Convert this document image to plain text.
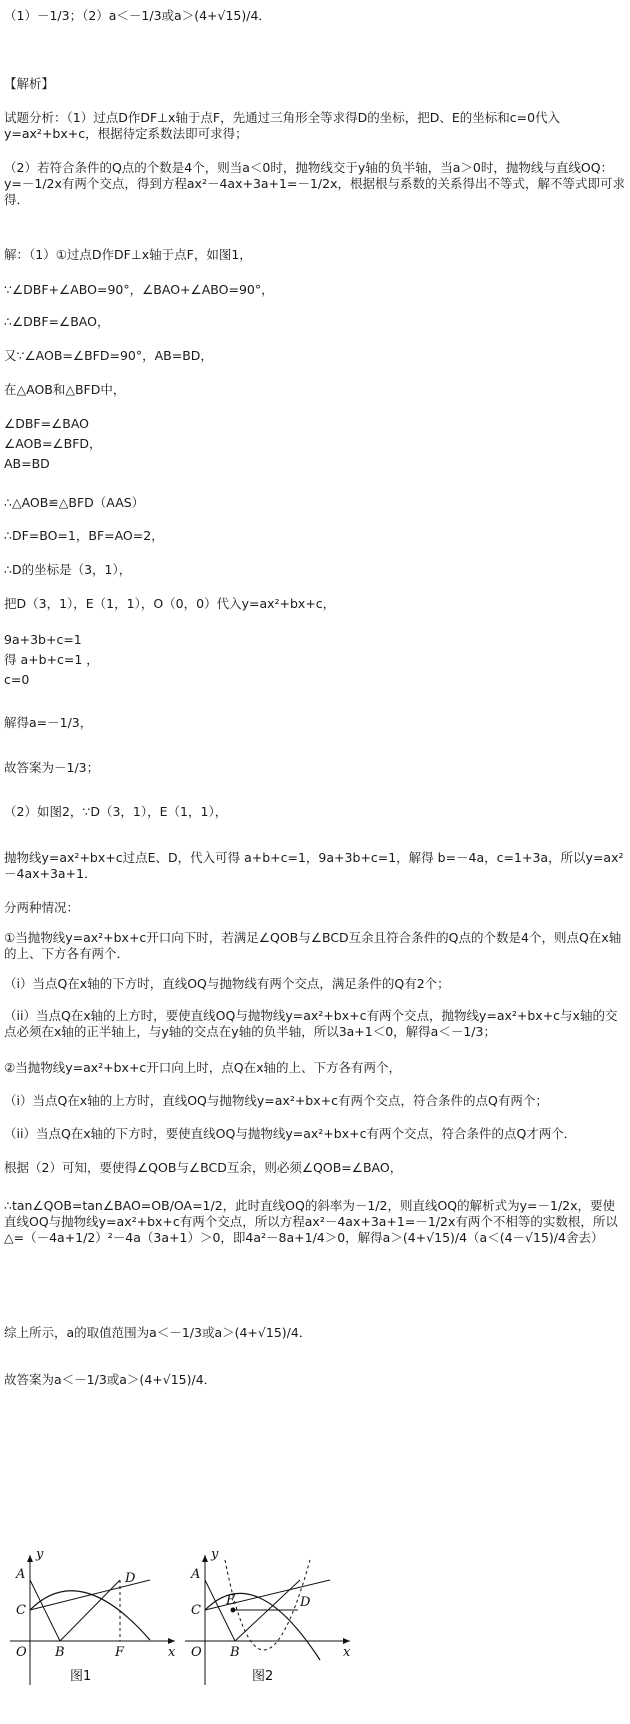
（1）－1/3；（2）a＜－1/3或a＞(4+√15)/4．
【解析】
试题分析：（1）过点D作DF⊥x轴于点F，先通过三角形全等求得D的坐标，把D、E的坐标和c=0代入y=ax²+bx+c，根据待定系数法即可求得；
（2）若符合条件的Q点的个数是4个，则当a＜0时，抛物线交于y轴的负半轴，当a＞0时，抛物线与直线OQ：y=－1/2x有两个交点，得到方程ax²－4ax+3a+1=－1/2x，根据根与系数的关系得出不等式，解不等式即可求得．
解：（1）①过点D作DF⊥x轴于点F，如图1，
∵∠DBF+∠ABO=90°，∠BAO+∠ABO=90°，
∴∠DBF=∠BAO，
又∵∠AOB=∠BFD=90°，AB=BD，
在△AOB和△BFD中，
∠DBF=∠BAO
∠AOB=∠BFD，
AB=BD
∴△AOB≌△BFD（AAS）
∴DF=BO=1，BF=AO=2，
∴D的坐标是（3，1），
把D（3，1），E（1，1），O（0，0）代入y=ax²+bx+c，
9a+3b+c=1
得 a+b+c=1 ，
c=0
解得a=－1/3，
故答案为－1/3；
（2）如图2，∵D（3，1），E（1，1），
抛物线y=ax²+bx+c过点E、D，代入可得 a+b+c=1，9a+3b+c=1，解得 b=－4a，c=1+3a，所以y=ax²－4ax+3a+1．
分两种情况：
①当抛物线y=ax²+bx+c开口向下时，若满足∠QOB与∠BCD互余且符合条件的Q点的个数是4个，则点Q在x轴的上、下方各有两个．
（i）当点Q在x轴的下方时，直线OQ与抛物线有两个交点，满足条件的Q有2个；
（ii）当点Q在x轴的上方时，要使直线OQ与抛物线y=ax²+bx+c有两个交点，抛物线y=ax²+bx+c与x轴的交点必须在x轴的正半轴上，与y轴的交点在y轴的负半轴，所以3a+1＜0，解得a＜－1/3；
②当抛物线y=ax²+bx+c开口向上时，点Q在x轴的上、下方各有两个，
（i）当点Q在x轴的上方时，直线OQ与抛物线y=ax²+bx+c有两个交点，符合条件的点Q有两个；
（ii）当点Q在x轴的下方时，要使直线OQ与抛物线y=ax²+bx+c有两个交点，符合条件的点Q才两个．
根据（2）可知，要使得∠QOB与∠BCD互余，则必须∠QOB=∠BAO，
∴tan∠QOB=tan∠BAO=OB/OA=1/2，此时直线OQ的斜率为－1/2，则直线OQ的解析式为y=－1/2x，要使直线OQ与抛物线y=ax²+bx+c有两个交点，所以方程ax²－4ax+3a+1=－1/2x有两个不相等的实数根，所以△=（－4a+1/2）²－4a（3a+1）＞0，即4a²－8a+1/4＞0，解得a＞(4+√15)/4（a＜(4－√15)/4舍去）
综上所示，a的取值范围为a＜－1/3或a＞(4+√15)/4．
故答案为a＜－1/3或a＞(4+√15)/4．
A
C
O B	F
D
y
x
图1
A
C
E	D
O B
y
x
图2
